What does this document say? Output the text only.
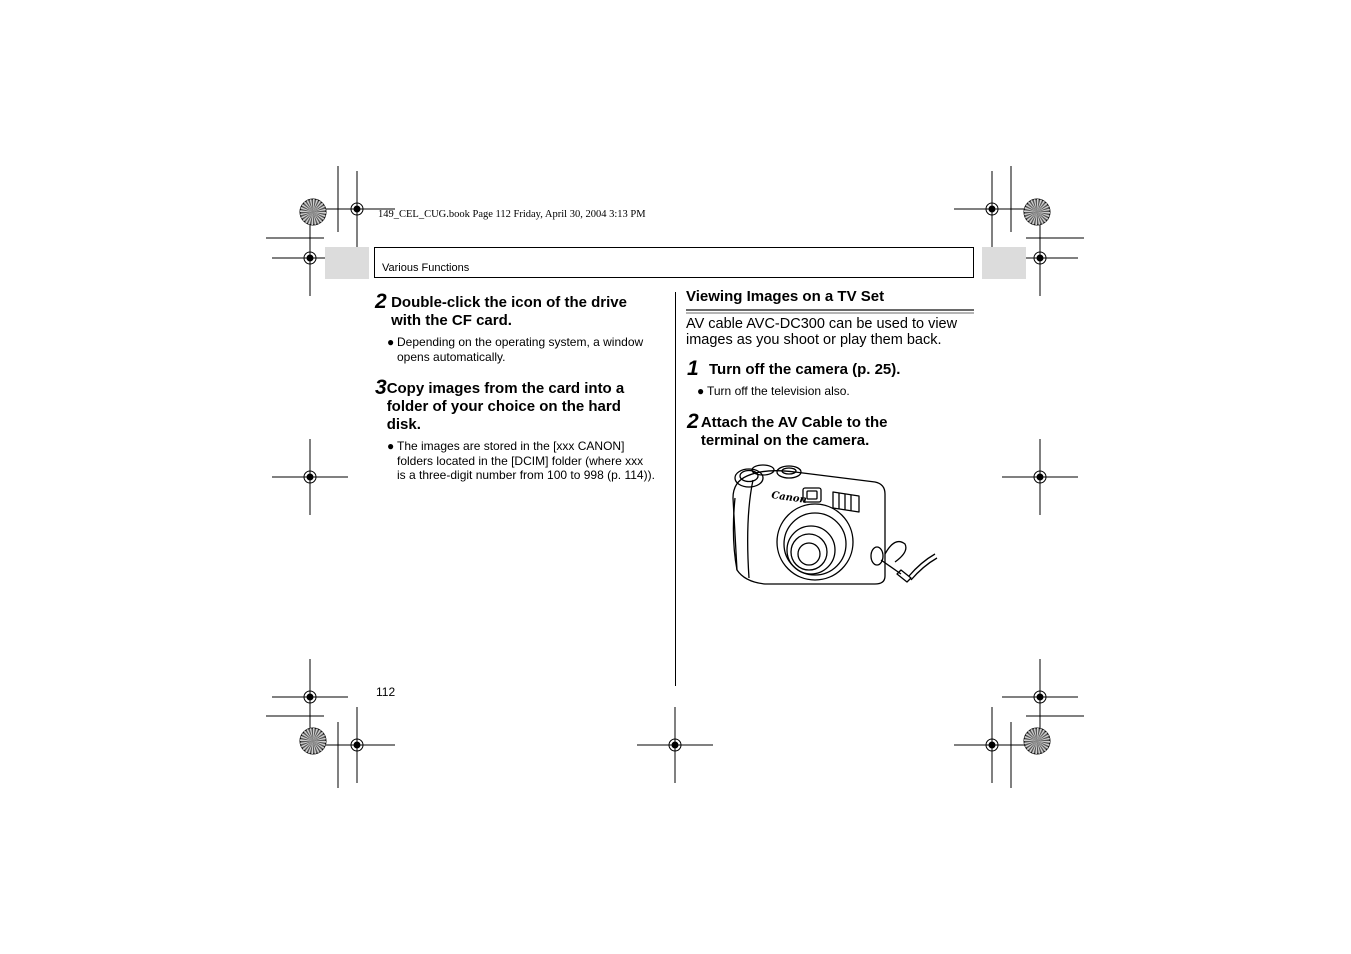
149_CEL_CUG.book Page 112 Friday, April 30, 2004 3:13 PM
Various Functions
2 Double-click the icon of the drive with the CF card.
● Depending on the operating system, a window opens automatically.
3 Copy images from the card into a folder of your choice on the hard disk.
● The images are stored in the [xxx CANON] folders located in the [DCIM] folder (where xxx is a three-digit number from 100 to 998 (p. 114)).
Viewing Images on a TV Set
AV cable AVC-DC300 can be used to view images as you shoot or play them back.
1 Turn off the camera (p. 25).
● Turn off the television also.
2 Attach the AV Cable to the terminal on the camera.
Canon
112
